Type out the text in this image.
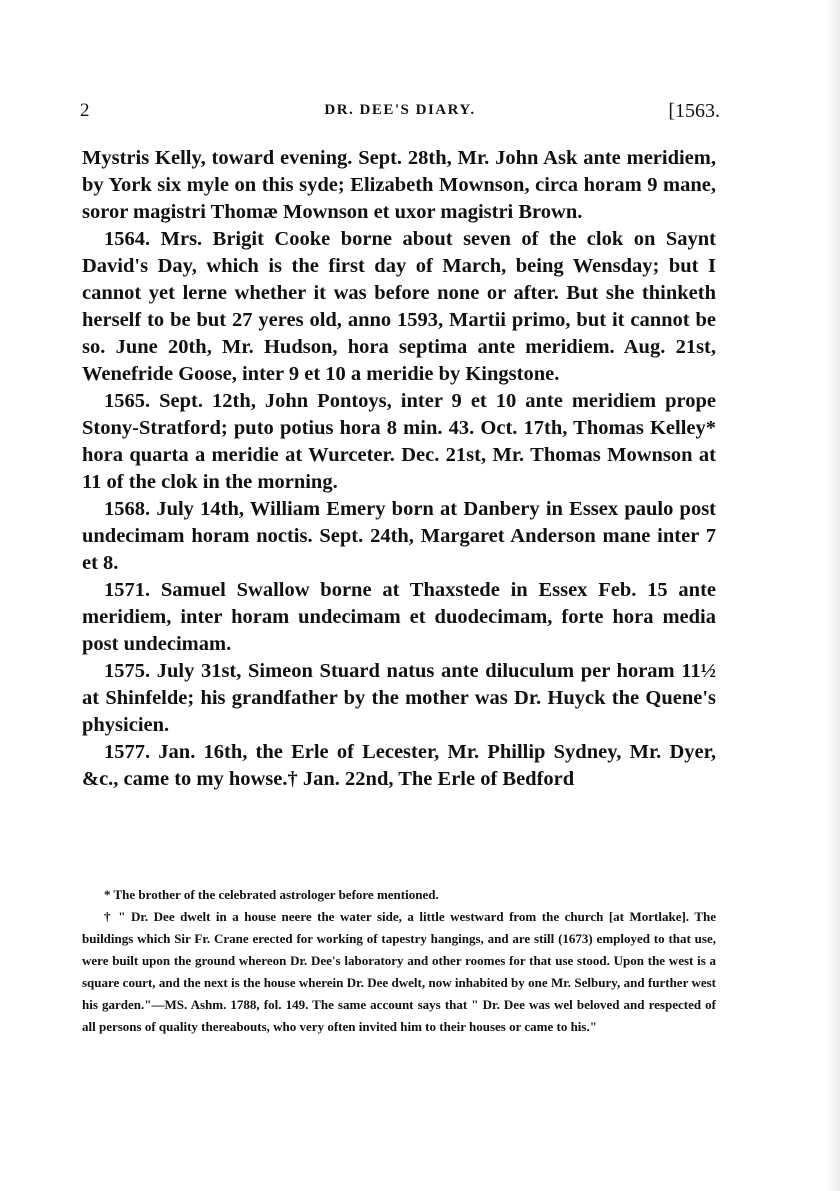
2	DR. DEE'S DIARY.	[1563.

Mystris Kelly, toward evening. Sept. 28th, Mr. John Ask ante meridiem, by York six myle on this syde; Elizabeth Mownson, circa horam 9 mane, soror magistri Thomæ Mownson et uxor magistri Brown.

1564. Mrs. Brigit Cooke borne about seven of the clok on Saynt David's Day, which is the first day of March, being Wensday; but I cannot yet lerne whether it was before none or after. But she thinketh herself to be but 27 yeres old, anno 1593, Martii primo, but it cannot be so. June 20th, Mr. Hudson, hora septima ante meridiem. Aug. 21st, Wenefride Goose, inter 9 et 10 a meridie by Kingstone.

1565. Sept. 12th, John Pontoys, inter 9 et 10 ante meridiem prope Stony-Stratford; puto potius hora 8 min. 43. Oct. 17th, Thomas Kelley* hora quarta a meridie at Wurceter. Dec. 21st, Mr. Thomas Mownson at 11 of the clok in the morning.

1568. July 14th, William Emery born at Danbery in Essex paulo post undecimam horam noctis. Sept. 24th, Margaret Anderson mane inter 7 et 8.

1571. Samuel Swallow borne at Thaxstede in Essex Feb. 15 ante meridiem, inter horam undecimam et duodecimam, forte hora media post undecimam.

1575. July 31st, Simeon Stuard natus ante diluculum per horam 11½ at Shinfelde; his grandfather by the mother was Dr. Huyck the Quene's physicien.

1577. Jan. 16th, the Erle of Lecester, Mr. Phillip Sydney, Mr. Dyer, &c., came to my howse.† Jan. 22nd, The Erle of Bedford

* The brother of the celebrated astrologer before mentioned.

† " Dr. Dee dwelt in a house neere the water side, a little westward from the church [at Mortlake]. The buildings which Sir Fr. Crane erected for working of tapestry hangings, and are still (1673) employed to that use, were built upon the ground whereon Dr. Dee's laboratory and other roomes for that use stood. Upon the west is a square court, and the next is the house wherein Dr. Dee dwelt, now inhabited by one Mr. Selbury, and further west his garden."—MS. Ashm. 1788, fol. 149. The same account says that " Dr. Dee was wel beloved and respected of all persons of quality thereabouts, who very often invited him to their houses or came to his."
